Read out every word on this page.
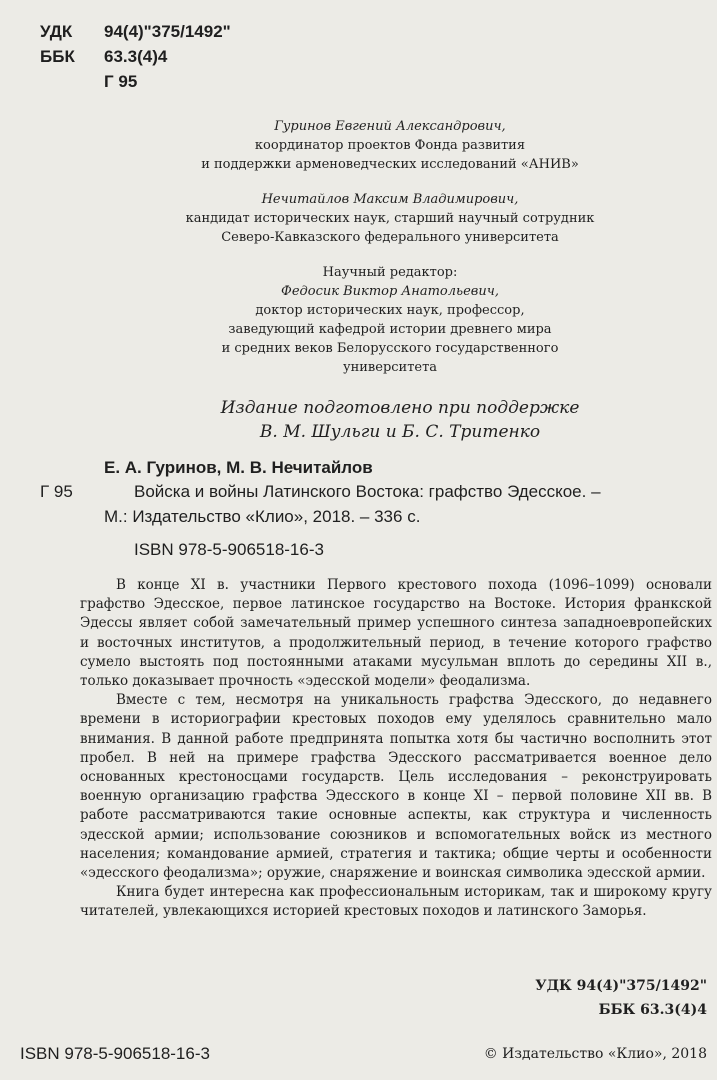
УДК 94(4)"375/1492"
ББК 63.3(4)4
Г 95
Гуринов Евгений Александрович,
координатор проектов Фонда развития
и поддержки арменоведческих исследований «АНИВ»
Нечитайлов Максим Владимирович,
кандидат исторических наук, старший научный сотрудник
Северо-Кавказского федерального университета
Научный редактор:
Федосик Виктор Анатольевич,
доктор исторических наук, профессор,
заведующий кафедрой истории древнего мира
и средних веков Белорусского государственного
университета
Издание подготовлено при поддержке
В. М. Шульги и Б. С. Тритенко
Е. А. Гуринов, М. В. Нечитайлов
Г 95	Войска и войны Латинского Востока: графство Эдесское. –
М.: Издательство «Клио», 2018. – 336 с.
ISBN 978-5-906518-16-3

В конце XI в. участники Первого крестового похода (1096–1099) основали графство Эдесское, первое латинское государство на Востоке. История франкской Эдессы являет собой замечательный пример успешного синтеза западноевропейских и восточных институтов, а продолжительный период, в течение которого графство сумело выстоять под постоянными атаками мусульман вплоть до середины XII в., только доказывает прочность «эдесской модели» феодализма.

Вместе с тем, несмотря на уникальность графства Эдесского, до недавнего времени в историографии крестовых походов ему уделялось сравнительно мало внимания. В данной работе предпринята попытка хотя бы частично восполнить этот пробел. В ней на примере графства Эдесского рассматривается военное дело основанных крестоносцами государств. Цель исследования – реконструировать военную организацию графства Эдесского в конце XI – первой половине XII вв. В работе рассматриваются такие основные аспекты, как структура и численность эдесской армии; использование союзников и вспомогательных войск из местного населения; командование армией, стратегия и тактика; общие черты и особенности «эдесского феодализма»; оружие, снаряжение и воинская символика эдесской армии.

Книга будет интересна как профессиональным историкам, так и широкому кругу читателей, увлекающихся историей крестовых походов и латинского Заморья.

УДК 94(4)"375/1492"
ББК 63.3(4)4
ISBN 978-5-906518-16-3	© Издательство «Клио», 2018
